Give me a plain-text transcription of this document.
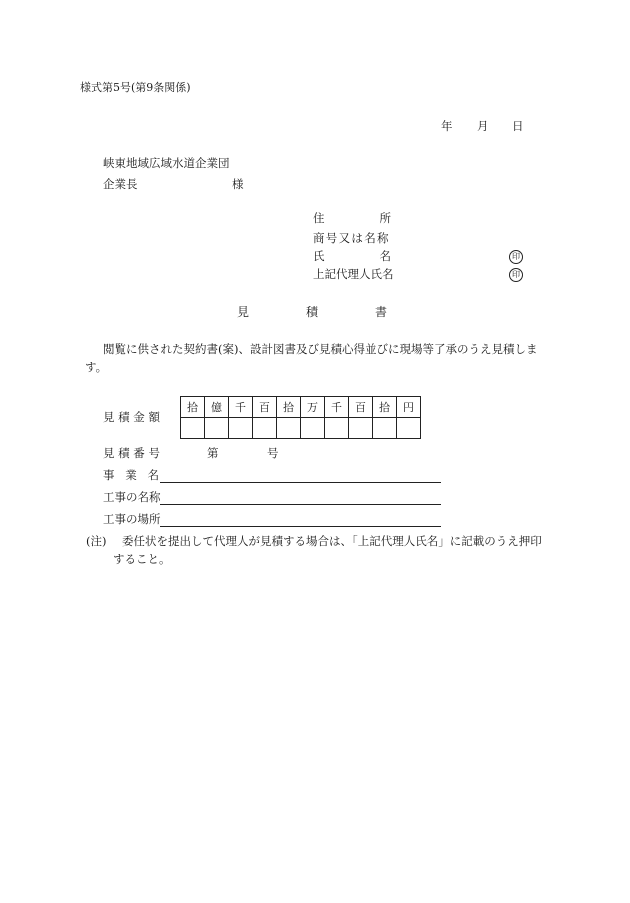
様式第5号(第9条関係)
年 月 日
峡東地域広域水道企業団
企業長	様
住	所
商号又は名称
氏	名	印
上記代理人氏名	印
見	積	書
閲覧に供された契約書(案)、設計図書及び見積心得並びに現場等了承のうえ見積しま
す。
見 積 金 額
拾	億	千	百	拾	万	千	百	拾	円

見 積 番 号	第	号
事 業 名
工事の名称
工事の場所
(注) 委任状を提出して代理人が見積する場合は、「上記代理人氏名」に記載のうえ押印
すること。
